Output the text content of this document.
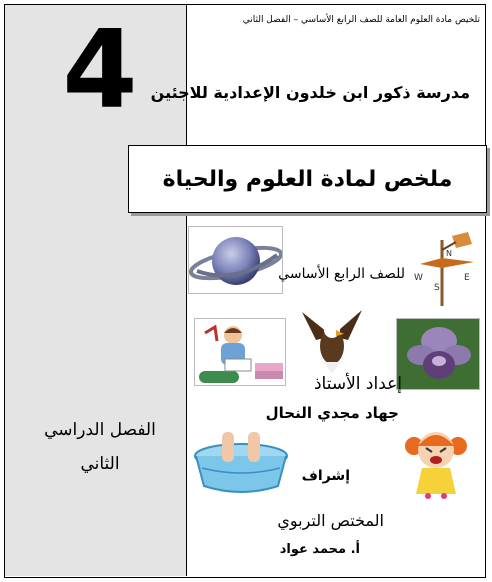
4
الفصل الدراسي
الثاني
تلخيص مادة العلوم العامة للصف الرابع الأساسي – الفصل الثاني
مدرسة ذكور ابن خلدون الإعدادية للاجئين
ملخص لمادة العلوم والحياة
W	E
S
N
للصف الرابع الأساسي
إعداد الأستاذ
جهاد مجدي النحال
إشراف
المختص التربوي
أ. محمد عواد
